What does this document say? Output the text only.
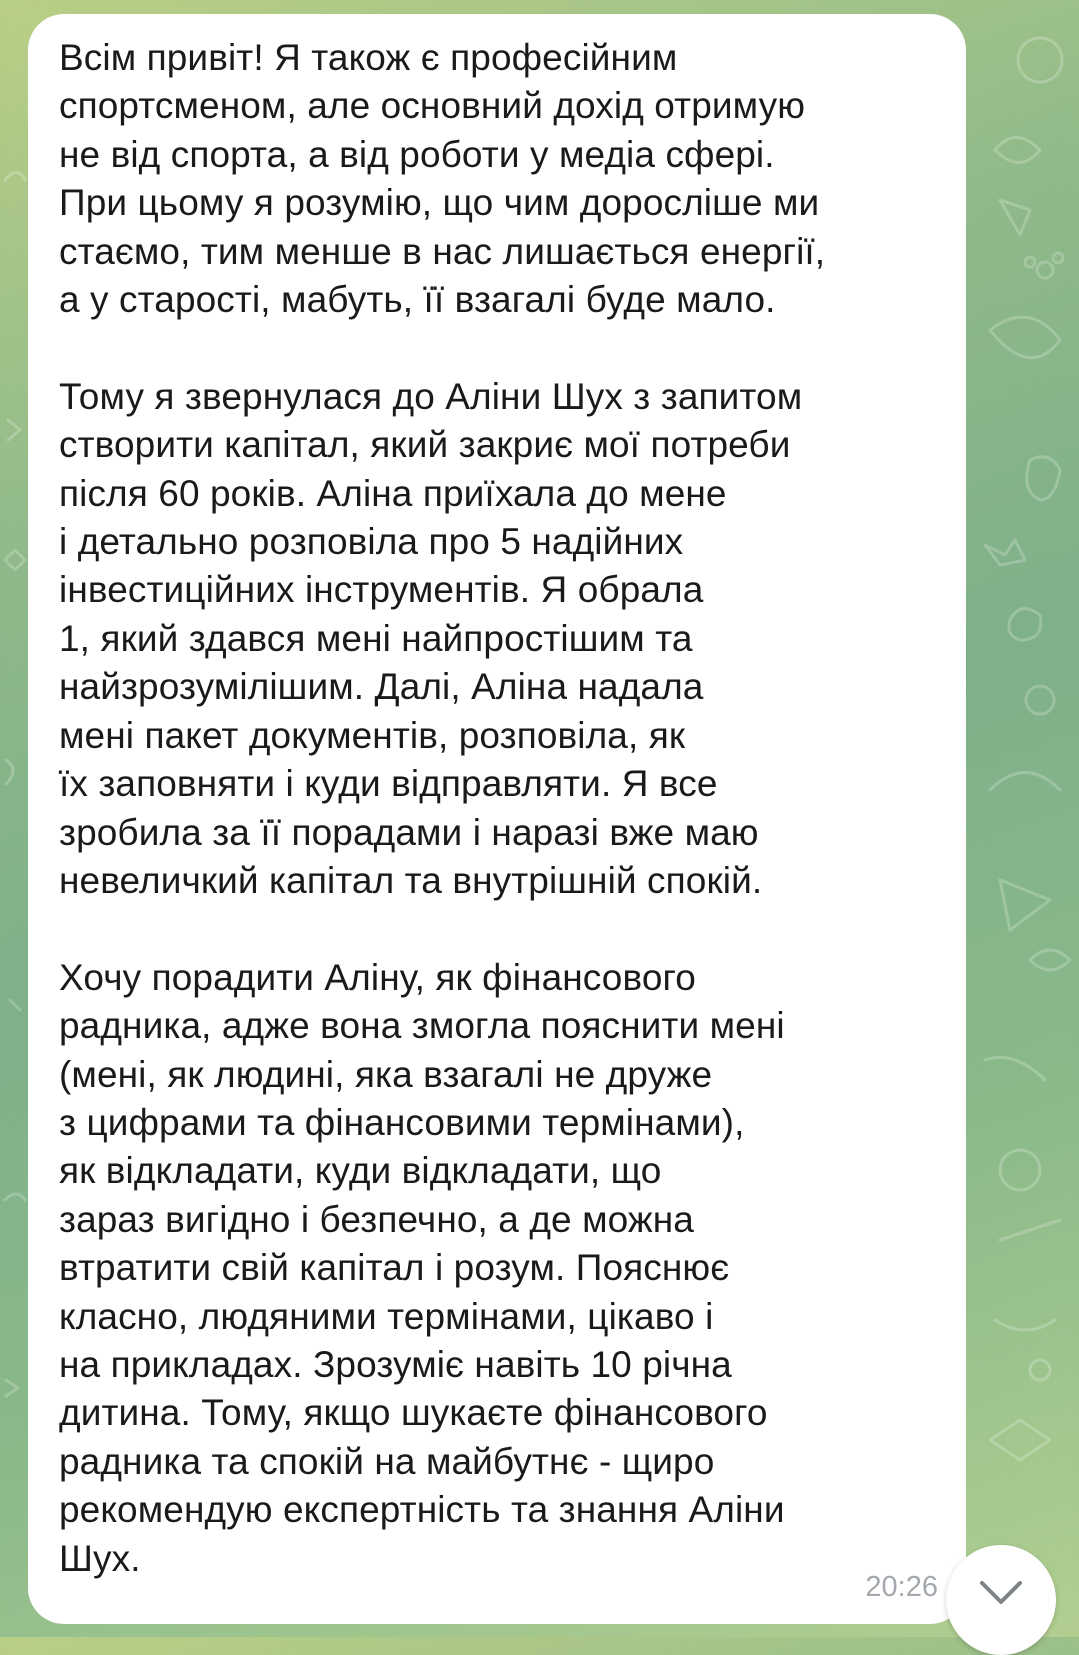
Всім привіт! Я також є професійним
спортсменом, але основний дохід отримую
не від спорта, а від роботи у медіа сфері.
При цьому я розумію, що чим доросліше ми
стаємо, тим менше в нас лишається енергії,
а у старості, мабуть, її взагалі буде мало.

Тому я звернулася до Аліни Шух з запитом
створити капітал, який закриє мої потреби
після 60 років. Аліна приїхала до мене
і детально розповіла про 5 надійних
інвестиційних інструментів. Я обрала
1, який здався мені найпростішим та
найзрозумілішим. Далі, Аліна надала
мені пакет документів, розповіла, як
їх заповняти і куди відправляти. Я все
зробила за її порадами і наразі вже маю
невеличкий капітал та внутрішній спокій.

Хочу порадити Аліну, як фінансового
радника, адже вона змогла пояснити мені
(мені, як людині, яка взагалі не друже
з цифрами та фінансовими термінами),
як відкладати, куди відкладати, що
зараз вигідно і безпечно, а де можна
втратити свій капітал і розум. Пояснює
класно, людяними термінами, цікаво і
на прикладах. Зрозуміє навіть 10 річна
дитина. Тому, якщо шукаєте фінансового
радника та спокій на майбутнє - щиро
рекомендую експертність та знання Аліни
Шух.

20:26
